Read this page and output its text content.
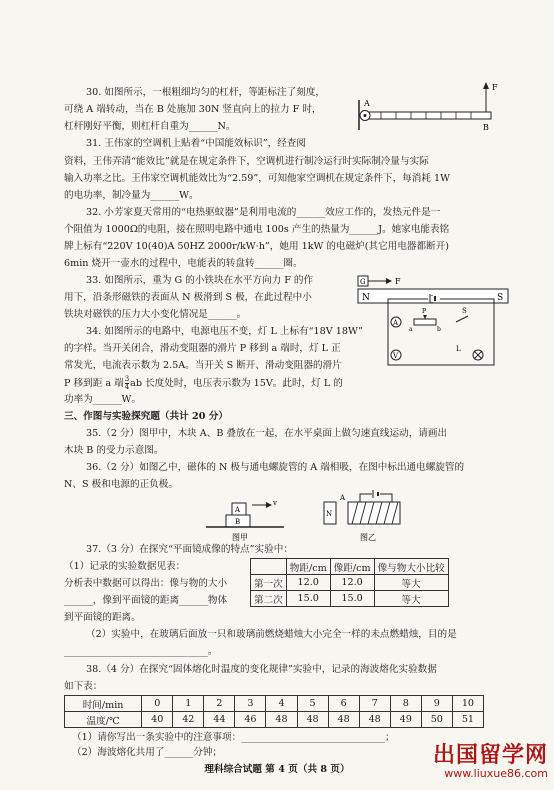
30. 如图所示，一根粗细均匀的杠杆，等距标注了刻度，
可绕 A 端转动，当在 B 处施加 30N 竖直向上的拉力 F 时，
杠杆刚好平衡，则杠杆自重为______N。
A
B
F
31. 王伟家的空调机上贴着“中国能效标识”，经查阅
资料，王伟弄清“能效比”就是在规定条件下，空调机进行制冷运行时实际制冷量与实际
输入功率之比。王伟家空调机能效比为“2.59”，可知他家空调机在规定条件下，每消耗 1W
的电功率，制冷量为______W。
32. 小芳家夏天常用的“电热驱蚊器”是利用电流的______效应工作的，发热元件是一
个阻值为 1000Ω的电阻，接在照明电路中通电 100s 产生的热量为______J。她家电能表铭
牌上标有“220V 10(40)A 50HZ 2000r/kW·h”，她用 1kW 的电磁炉(其它用电器都断开)
6min 烧开一壶水的过程中，电能表的转盘转______圈。
33. 如图所示，重为 G 的小铁块在水平方向力 F 的作
用下，沿条形磁铁的表面从 N 极滑到 S 极，在此过程中小
铁块对磁铁的压力大小变化情况是______。
G	F
N	S
34. 如图所示的电路中，电源电压不变，灯 L 上标有“18V 18W”
的字样。当开关闭合，滑动变阻器的滑片 P 移到 a 端时，灯 L 正
常发光，电流表示数为 2.5A。当开关 S 断开、滑动变阻器的滑片
P 移到距 a 端 $\frac{3}{4}$ ab 长度处时，电压表示数为 15V。此时，灯 L 的
功率为______W。
A
P
a	b
S
V
L
三、作图与实验探究题（共计 20 分）
35.（2 分）图甲中，木块 A、B 叠放在一起，在水平桌面上做匀速直线运动，请画出
木块 B 的受力示意图。
36.（2 分）如图乙中，磁体的 N 极与通电螺旋管的 A 端相吸，在图中标出通电螺旋管的
N、S 极和电源的正负极。
A
B
v
图甲
N
A
图乙
37.（3 分）在探究“平面镜成像的特点”实验中：
（1）记录的实验数据见表：
分析表中数据可以得出：像与物的大小
______，像到平面镜的距离______物体
到平面镜的距离。
	物距/cm	像距/cm	像与物大小比较
第一次	12.0	12.0	等大
第二次	15.0	15.0	等大
（2）实验中，在玻璃后面放一只和玻璃前燃烧蜡烛大小完全一样的未点燃蜡烛，目的是
______________________________。
38.（4 分）在探究“固体熔化时温度的变化规律”实验中，记录的海波熔化实验数据
如下表：
时间/min	0	1	2	3	4	5	6	7	8	9	10
温度/℃	40	42	44	46	48	48	48	48	49	50	51
（1）请你写出一条实验中的注意事项：______________________________；
（2）海波熔化共用了______分钟；
理科综合试题 第 4 页（共 8 页）
出国留学网
www.liuxue86.com
